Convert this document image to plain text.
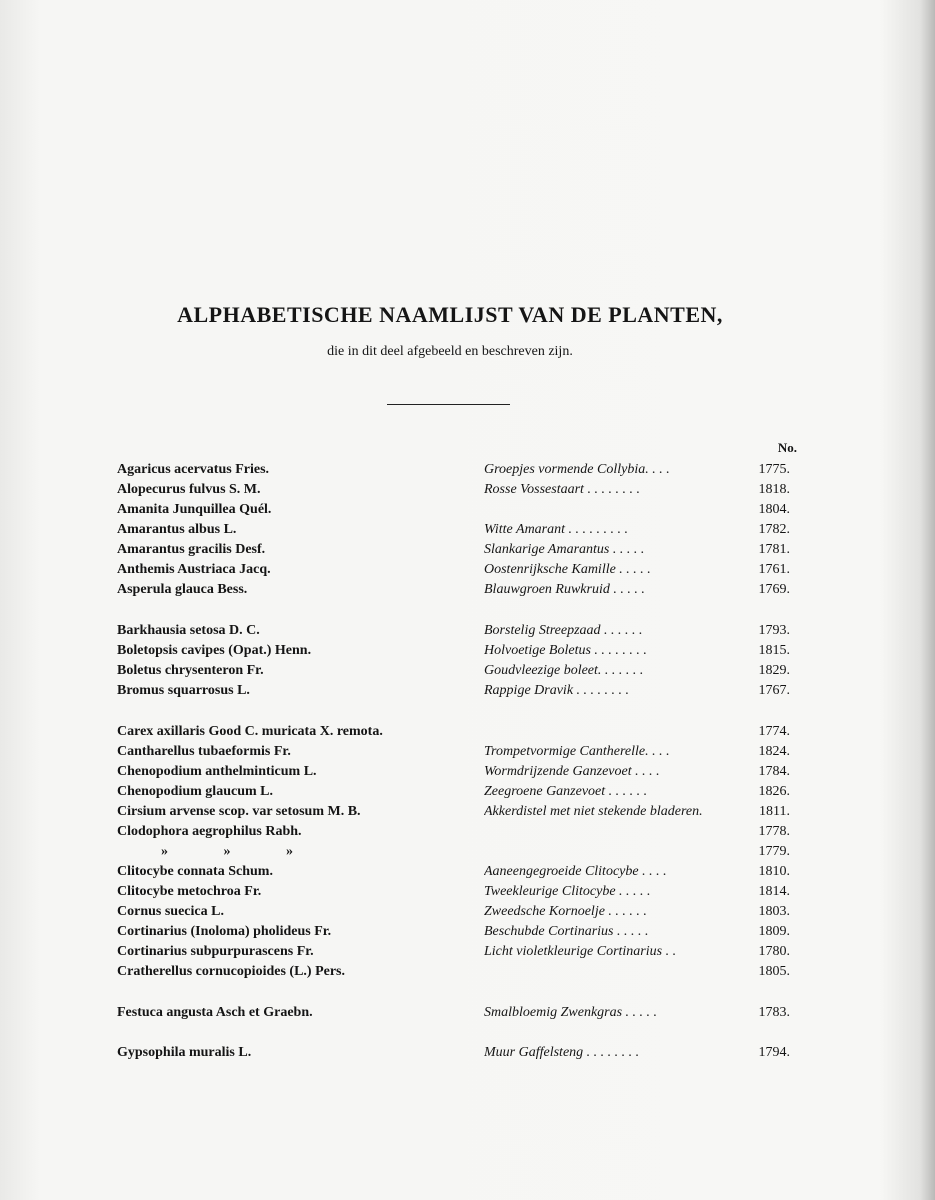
ALPHABETISCHE NAAMLIJST VAN DE PLANTEN,
die in dit deel afgebeeld en beschreven zijn.
No.
Agaricus acervatus Fries.	Groepjes vormende Collybia. . . .	1775.
Alopecurus fulvus S. M.	Rosse Vossestaart . . . . . . . .	1818.
Amanita Junquillea Quél.	1804.
Amarantus albus L.	Witte Amarant . . . . . . . . .	1782.
Amarantus gracilis Desf.	Slankarige Amarantus . . . . .	1781.
Anthemis Austriaca Jacq.	Oostenrijksche Kamille . . . . .	1761.
Asperula glauca Bess.	Blauwgroen Ruwkruid . . . . .	1769.
Barkhausia setosa D. C.	Borstelig Streepzaad . . . . . .	1793.
Boletopsis cavipes (Opat.) Henn.	Holvoetige Boletus . . . . . . . .	1815.
Boletus chrysenteron Fr.	Goudvleezige boleet. . . . . . .	1829.
Bromus squarrosus L.	Rappige Dravik . . . . . . . .	1767.
Carex axillaris Good C. muricata X. remota.	1774.
Cantharellus tubaeformis Fr.	Trompetvormige Cantherelle. . . .	1824.
Chenopodium anthelminticum L.	Wormdrijzende Ganzevoet . . . .	1784.
Chenopodium glaucum L.	Zeegroene Ganzevoet . . . . . .	1826.
Cirsium arvense scop. var setosum M. B.	Akkerdistel met niet stekende bladeren.	1811.
Clodophora aegrophilus Rabh.	1778.
» » »	1779.
Clitocybe connata Schum.	Aaneengegroeide Clitocybe . . . .	1810.
Clitocybe metochroa Fr.	Tweekleurige Clitocybe . . . . .	1814.
Cornus suecica L.	Zweedsche Kornoelje . . . . . .	1803.
Cortinarius (Inoloma) pholideus Fr.	Beschubde Cortinarius . . . . .	1809.
Cortinarius subpurpurascens Fr.	Licht violetkleurige Cortinarius . .	1780.
Cratherellus cornucopioides (L.) Pers.	1805.
Festuca angusta Asch et Graebn.	Smalbloemig Zwenkgras . . . . .	1783.
Gypsophila muralis L.	Muur Gaffelsteng . . . . . . . .	1794.
